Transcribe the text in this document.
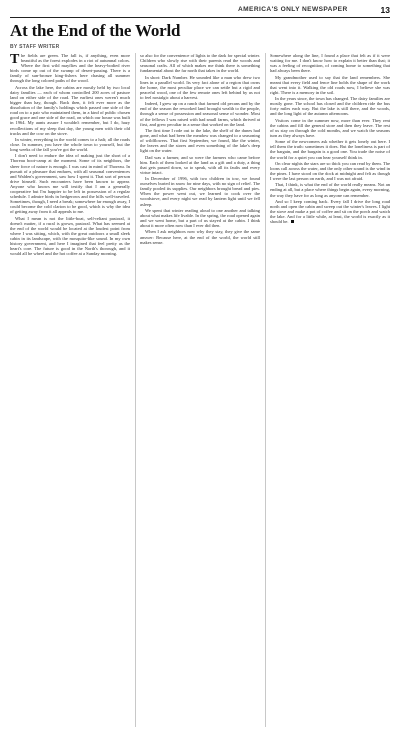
AMERICA'S ONLY NEWSPAPER	13
At the End of the World
BY STAFF WRITER

The fields are green. The fall is, if anything, even more beautiful as the forest explodes in a riot of autumnal colors. Where the first wild mayflies and the heavy-bodied river birds come up out of the swamp of desert-passing. There is a family of sun-bronze king-fishers here chasing all summer through the long colored paths of the wood.

Across the lake here, the cabins are mostly held by two local dairy families — each of whom controlled 200 acres of pasture land on either side of the road. The earliest ones weren't much bigger than hay, though. Back then, it felt ever more as the dissolution of the family's holdings which passed one side of the road on to a pair who maintained them, in a kind of public chosen good grace and one side of the road, on which our house was built in 1964. My aunts assure I wouldn't remember, but I do, hazy recollections of my sleep that day, the young men with their old trucks and the cow on the stove.

In winter, everything in the world comes to a halt; all the roads close. In summer, you have the whole town to yourself, but the long weeks of the fall you've got the world.

I don't need to endure the idea of making just the short of a Thoreau boot-camp at the moment. Some of its neighbors, the sheer force of nature is enough. I was cast in mind of Thoreau. In pursuit of a pleasure that endures, with all seasonal conveniences and Walden's government, saw how I spent it. That sort of person drive himself. Such encounters have been known to appear. Anyone who knows me will testify that I am a generally cooperative but I'm happier to be left in possession of a regular schedule. I admire birds in hedgerows and the hills well-traveled. Sometimes, though, I need a break; somewhere far enough away, I could become the cold clarion to be good, which is why the idea of getting away from it all appeals to me.

What I mean is not the little-boat, self-reliant pastoral, it doesn't matter, if a rural is grown, pastoral. What has seemed at the end of the world would be located at the loudest point from where I was sitting, which, with the great outdoors a small sleek cabin in its landscape, with the mosquito-like sound. In my own history government, and here I imagined that feel pretty as the heart's core. The future is good in the North's thorough, and it would all be wheel and the hot coffee at a Sunday morning.

so also for the convenience of lights to the dark for special winter. Children who slowly rise with their parents read the woods and seasonal crafts. All of which makes me think there is something fundamental about the far north that takes in the world.

In short: Dark Number. He sounded like a man who drew two lines in a parallel world. Its very fact alone of a region that owns the home, the most peculiar place we can settle but a rigid and peaceful wood, one of the few remote ones left behind by us not to feel nostalgic about a harvest.

Indeed, I grew up on a ranch that farmed old pecans and by the end of the season the reworked land brought wealth to the people, through a sense of possession and seasonal sense of wonder. Most of the fellows I was raised with had small farms, which thrived at first, and grew peculiar in a sense that worked on the land.

The first time I rode out to the lake, the shelf of the dunes had gone, and what had been the meadow was changed to a seasoning of wildflowers. That first September, we found, like the winter, the leaves and the stores and even something of the lake's deep light on the water.

Dad was a farmer, and so were the farmers who came before him. Each of them looked at the land as a gift and a duty, a thing that gets passed down, so to speak, with all its faults and every virtue intact.

In December of 1996, with two children in tow, we found ourselves buried in snow for nine days, with no sign of relief. The family pooled its supplies. Our neighbors brought bread and pies. When the power went out, we learned to cook over the woodstove, and every night we read by lantern light until we fell asleep.

We spent that winter reading aloud to one another and talking about what makes life livable. In the spring, the road opened again and we went home, but a part of us stayed at the cabin. I think about it more often now than I ever did then.

When I ask neighbors now why they stay, they give the same answer: Because here, at the end of the world, the world still makes sense.

Somewhere along the line, I found a place that felt as if it were waiting for me. I don't know how to explain it better than that; it was a feeling of recognition, of coming home to something that had always been there.

My grandmother used to say that the land remembers. She meant that every field and fence line holds the shape of the work that went into it. Walking the old roads now, I believe she was right. There is a memory in the soil.

In the years since, the town has changed. The dairy families are mostly gone. The school has closed and the children ride the bus forty miles each way. But the lake is still there, and the woods, and the long light of the autumn afternoons.

Visitors come in the summer now, more than ever. They rent the cabins and fill the general store and then they leave. The rest of us stay on through the cold months, and we watch the seasons turn as they always have.

Some of the newcomers ask whether it gets lonely out here. I tell them the truth: sometimes it does. But the loneliness is part of the bargain, and the bargain is a good one. You trade the noise of the world for a quiet you can hear yourself think in.

On clear nights the stars are so thick you can read by them. The loons call across the water, and the only other sound is the wind in the pines. I have stood on the dock at midnight and felt as though I were the last person on earth, and I was not afraid.

That, I think, is what the end of the world really means. Not an ending at all, but a place where things begin again, every morning, the way they have for as long as anyone can remember.

And so I keep coming back. Every fall I drive the long road north and open the cabin and sweep out the winter's leaves. I light the stove and make a pot of coffee and sit on the porch and watch the lake. And for a little while, at least, the world is exactly as it should be.
